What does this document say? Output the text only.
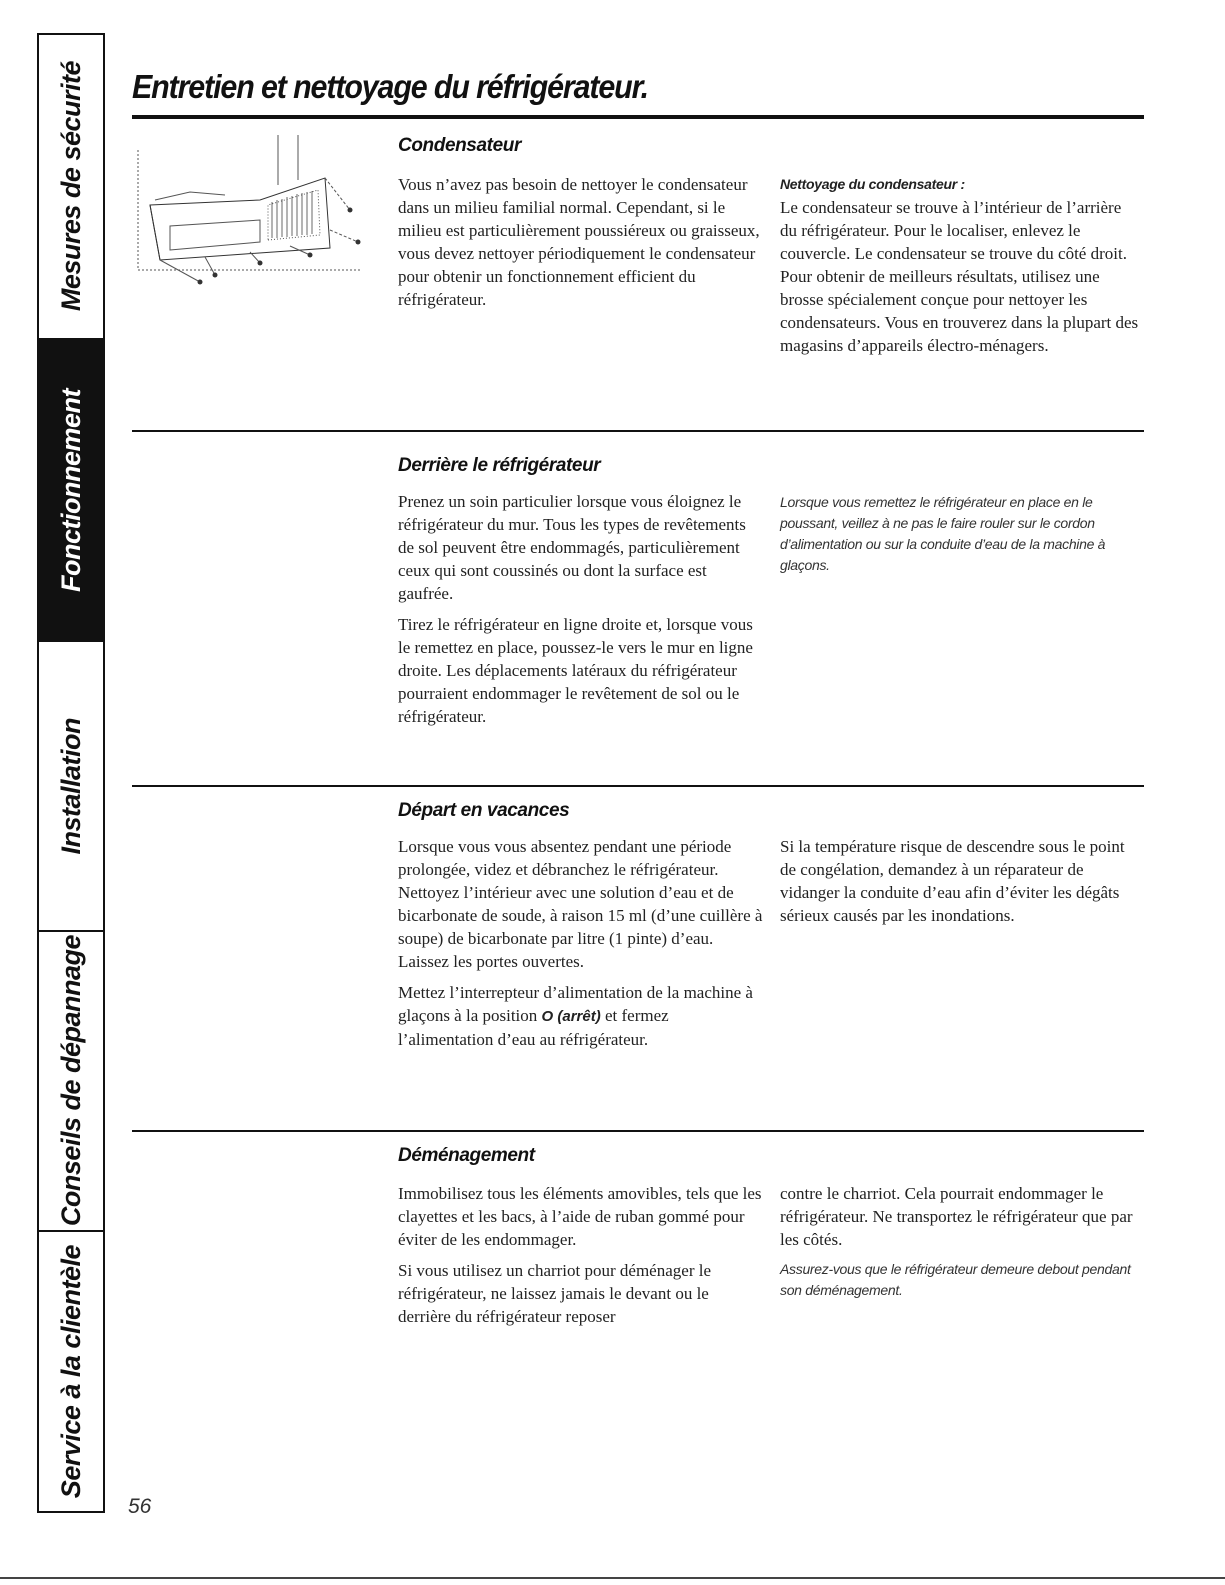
Mesures de sécurité
Fonctionnement
Installation
Conseils de dépannage
Service à la clientèle
Entretien et nettoyage du réfrigérateur.
Condensateur

Vous n’avez pas besoin de nettoyer le condensateur dans un milieu familial normal. Cependant, si le milieu est particulièrement poussiéreux ou graisseux, vous devez nettoyer périodiquement le condensateur pour obtenir un fonctionnement efficient du réfrigérateur.

Nettoyage du condensateur :

Le condensateur se trouve à l’intérieur de l’arrière du réfrigérateur. Pour le localiser, enlevez le couvercle. Le condensateur se trouve du côté droit. Pour obtenir de meilleurs résultats, utilisez une brosse spécialement conçue pour nettoyer les condensateurs. Vous en trouverez dans la plupart des magasins d’appareils électro-ménagers.

Derrière le réfrigérateur

Prenez un soin particulier lorsque vous éloignez le réfrigérateur du mur. Tous les types de revêtements de sol peuvent être endommagés, particulièrement ceux qui sont coussinés ou dont la surface est gaufrée.

Tirez le réfrigérateur en ligne droite et, lorsque vous le remettez en place, poussez-le vers le mur en ligne droite. Les déplacements latéraux du réfrigérateur pourraient endommager le revêtement de sol ou le réfrigérateur.

Lorsque vous remettez le réfrigérateur en place en le poussant, veillez à ne pas le faire rouler sur le cordon d’alimentation ou sur la conduite d’eau de la machine à glaçons.

Départ en vacances

Lorsque vous vous absentez pendant une période prolongée, videz et débranchez le réfrigérateur. Nettoyez l’intérieur avec une solution d’eau et de bicarbonate de soude, à raison 15 ml (d’une cuillère à soupe) de bicarbonate par litre (1 pinte) d’eau. Laissez les portes ouvertes.

Mettez l’interrepteur d’alimentation de la machine à glaçons à la position O (arrêt) et fermez l’alimentation d’eau au réfrigérateur.

Si la température risque de descendre sous le point de congélation, demandez à un réparateur de vidanger la conduite d’eau afin d’éviter les dégâts sérieux causés par les inondations.

Déménagement

Immobilisez tous les éléments amovibles, tels que les clayettes et les bacs, à l’aide de ruban gommé pour éviter de les endommager.

Si vous utilisez un charriot pour déménager le réfrigérateur, ne laissez jamais le devant ou le derrière du réfrigérateur reposer

contre le charriot. Cela pourrait endommager le réfrigérateur. Ne transportez le réfrigérateur que par les côtés.

Assurez-vous que le réfrigérateur demeure debout pendant son déménagement.

56
